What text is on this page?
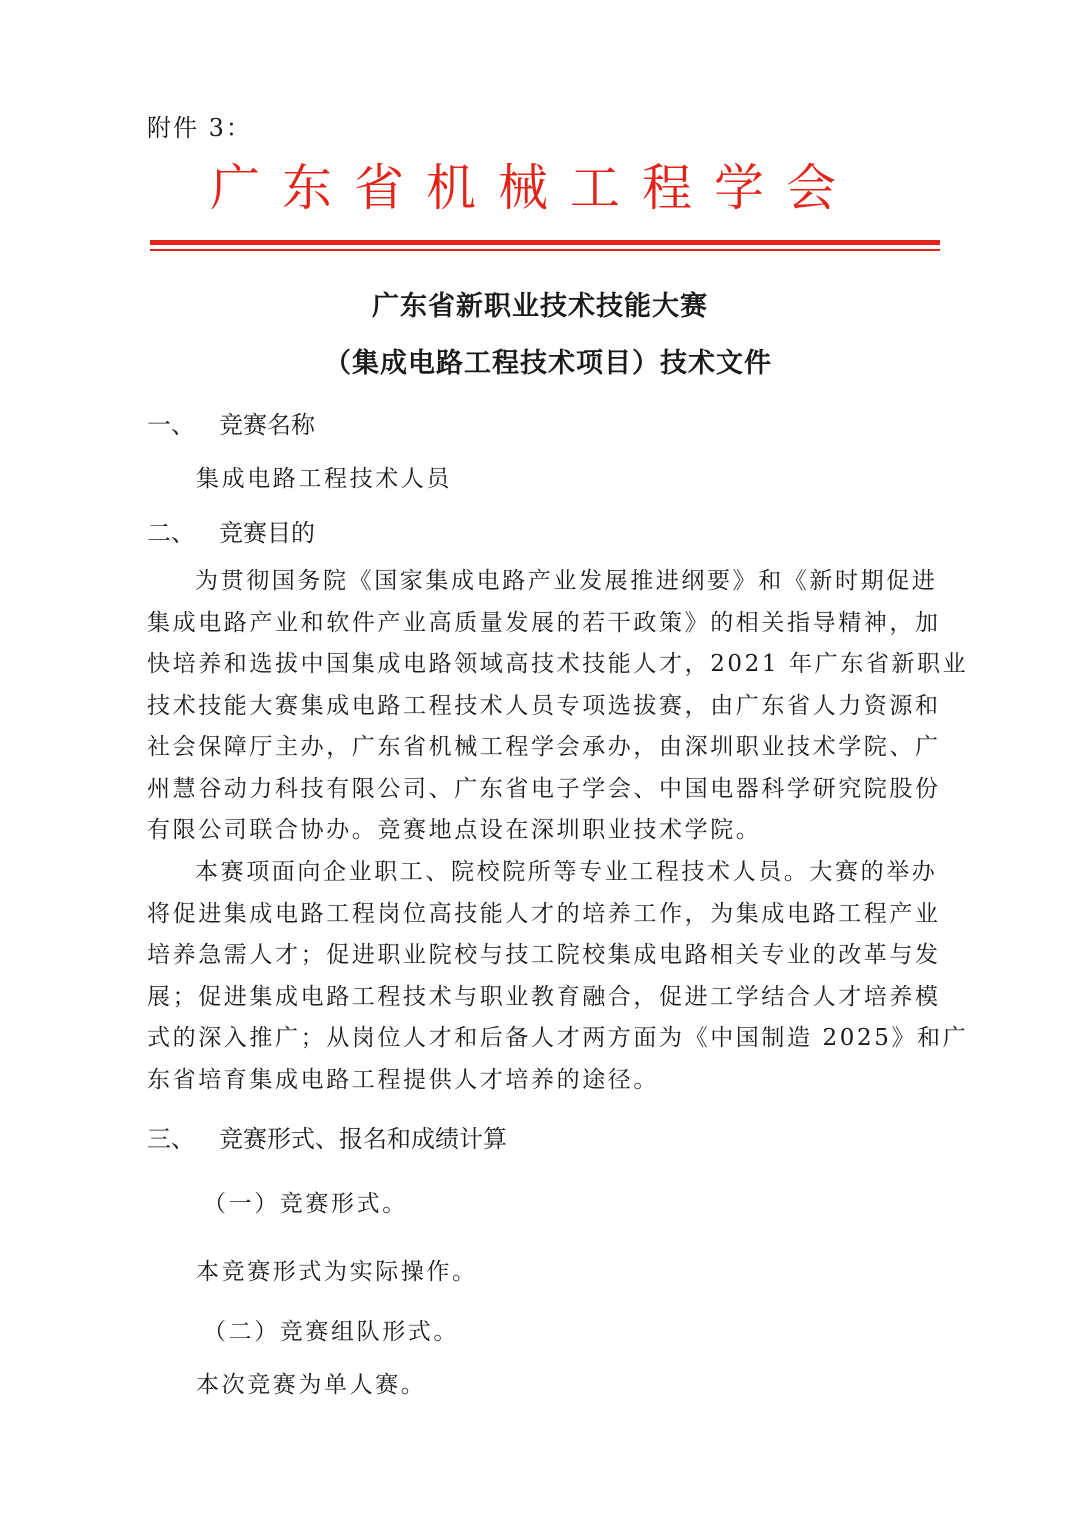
附件 3：
广东省机械工程学会
广东省新职业技术技能大赛
（集成电路工程技术项目）技术文件
一、 竞赛名称
集成电路工程技术人员
二、 竞赛目的
为贯彻国务院《国家集成电路产业发展推进纲要》和《新时期促进
集成电路产业和软件产业高质量发展的若干政策》的相关指导精神，加
快培养和选拔中国集成电路领域高技术技能人才，2021 年广东省新职业
技术技能大赛集成电路工程技术人员专项选拔赛，由广东省人力资源和
社会保障厅主办，广东省机械工程学会承办，由深圳职业技术学院、广
州慧谷动力科技有限公司、广东省电子学会、中国电器科学研究院股份
有限公司联合协办。竞赛地点设在深圳职业技术学院。
本赛项面向企业职工、院校院所等专业工程技术人员。大赛的举办
将促进集成电路工程岗位高技能人才的培养工作，为集成电路工程产业
培养急需人才；促进职业院校与技工院校集成电路相关专业的改革与发
展；促进集成电路工程技术与职业教育融合，促进工学结合人才培养模
式的深入推广；从岗位人才和后备人才两方面为《中国制造 2025》和广
东省培育集成电路工程提供人才培养的途径。
三、 竞赛形式、报名和成绩计算
（一）竞赛形式。
本竞赛形式为实际操作。
（二）竞赛组队形式。
本次竞赛为单人赛。
